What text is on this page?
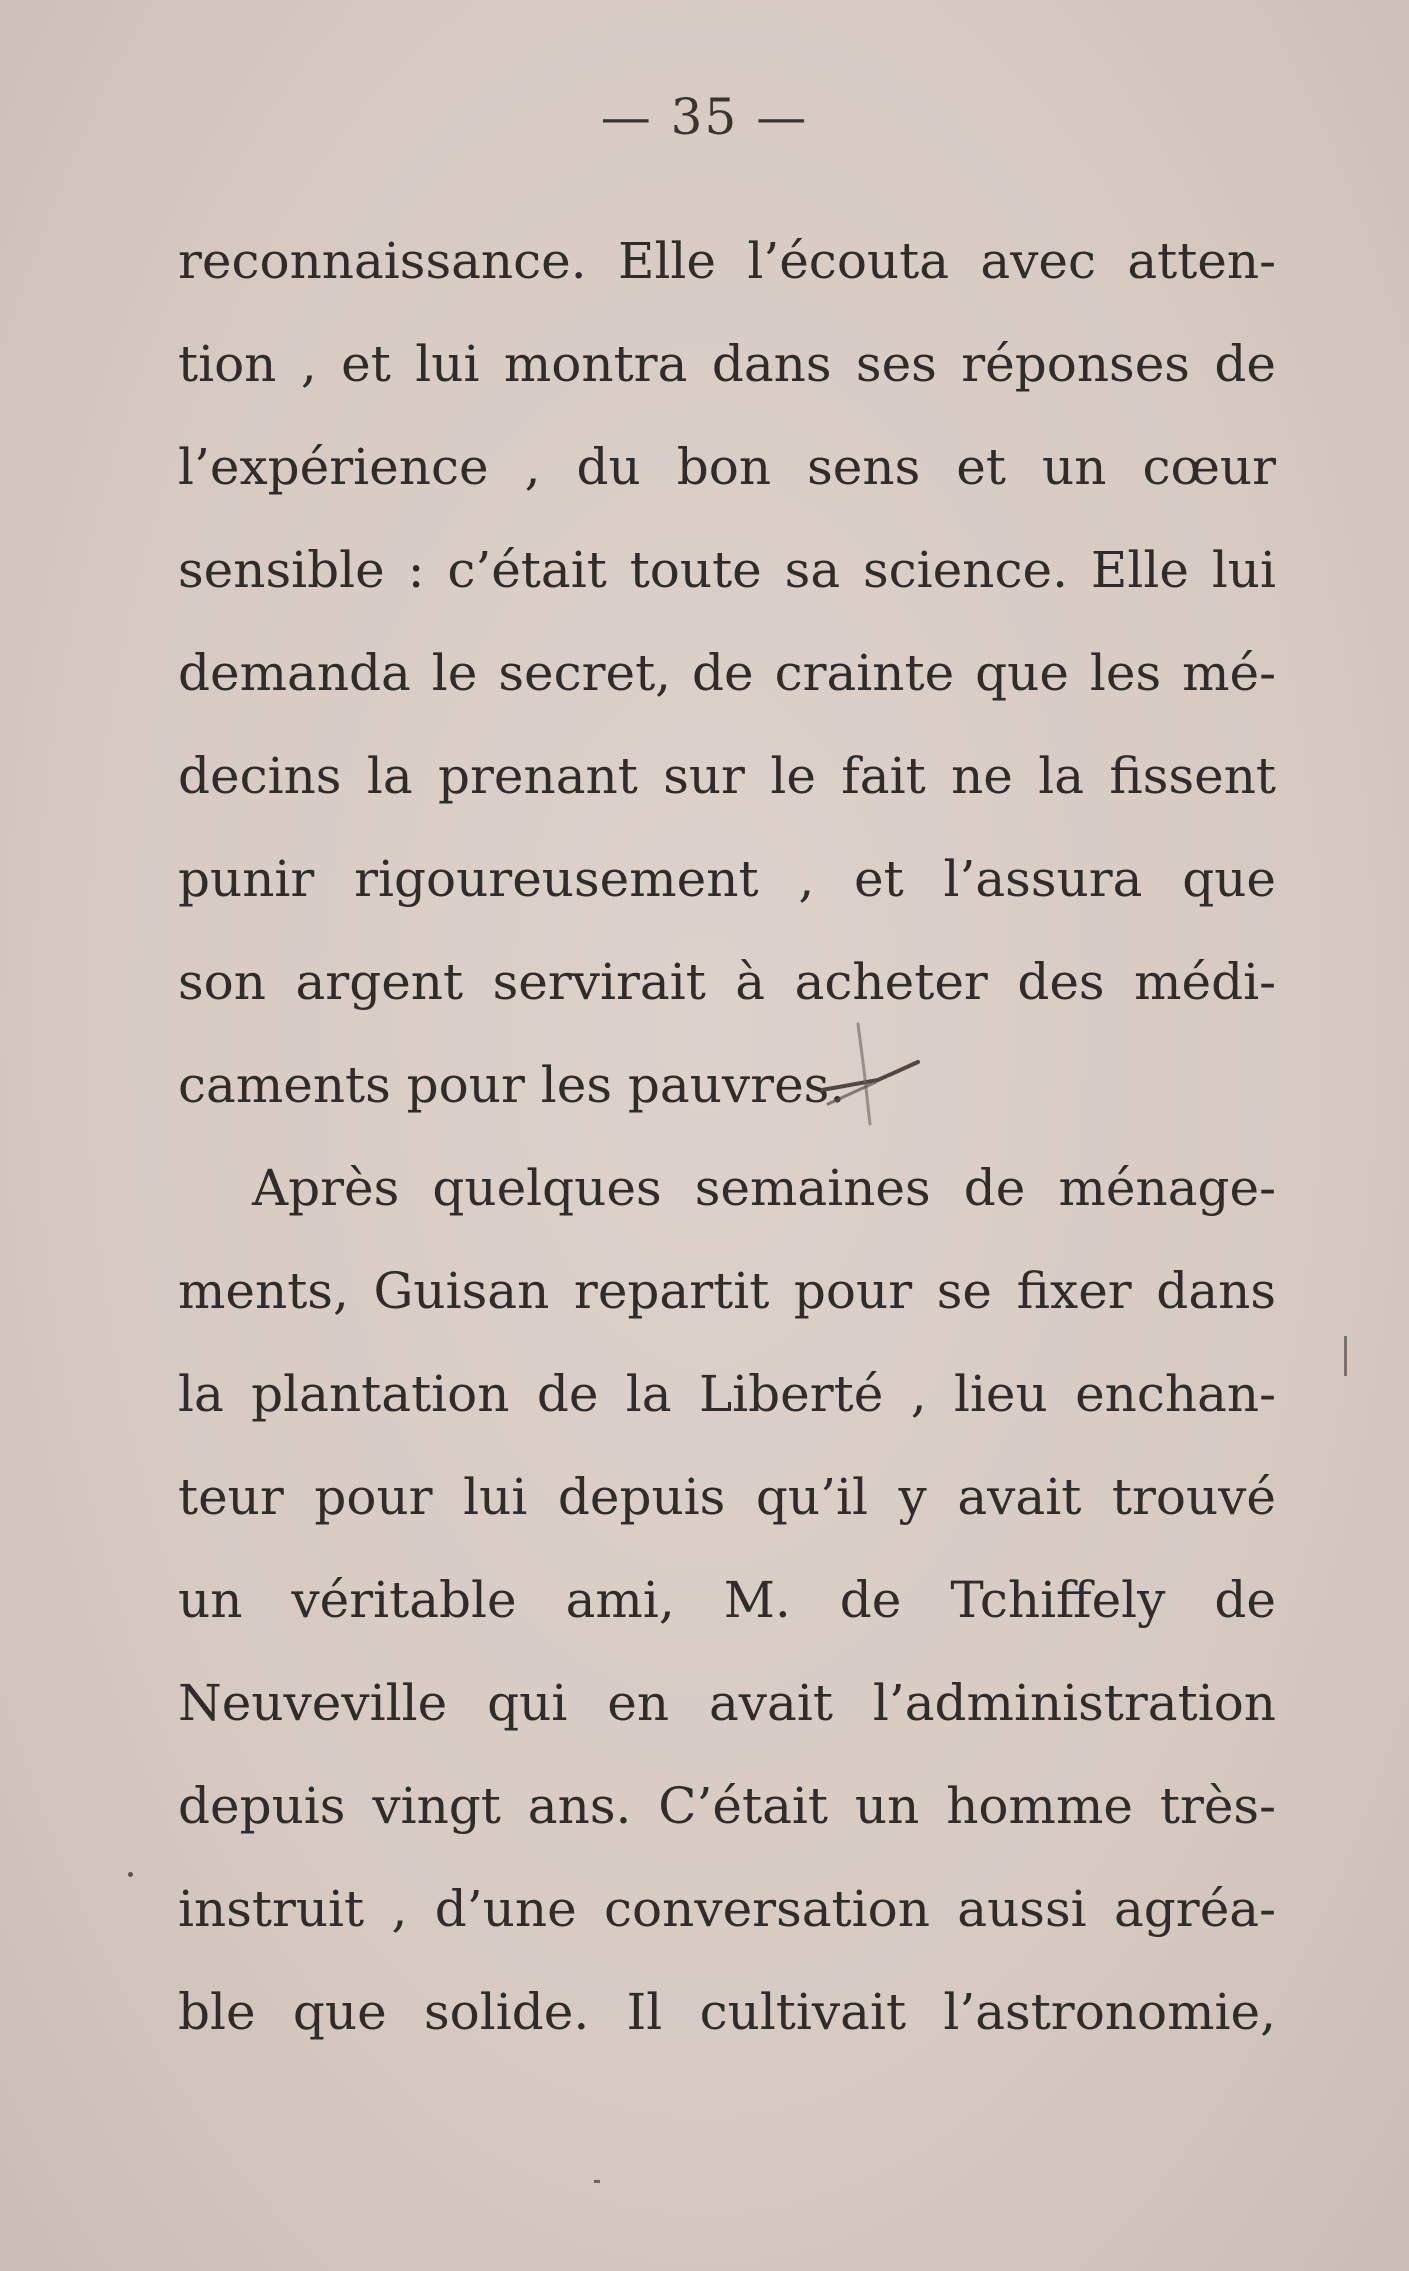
— 35 —
reconnaissance. Elle l’écouta avec atten-
tion , et lui montra dans ses réponses de
l’expérience , du bon sens et un cœur
sensible : c’était toute sa science. Elle lui
demanda le secret, de crainte que les mé-
decins la prenant sur le fait ne la fissent
punir rigoureusement , et l’assura que
son argent servirait à acheter des médi-
caments pour les pauvres.
Après quelques semaines de ménage-
ments, Guisan repartit pour se fixer dans
la plantation de la Liberté , lieu enchan-
teur pour lui depuis qu’il y avait trouvé
un véritable ami, M. de Tchiffely de
Neuveville qui en avait l’administration
depuis vingt ans. C’était un homme très-
instruit , d’une conversation aussi agréa-
ble que solide. Il cultivait l’astronomie,
